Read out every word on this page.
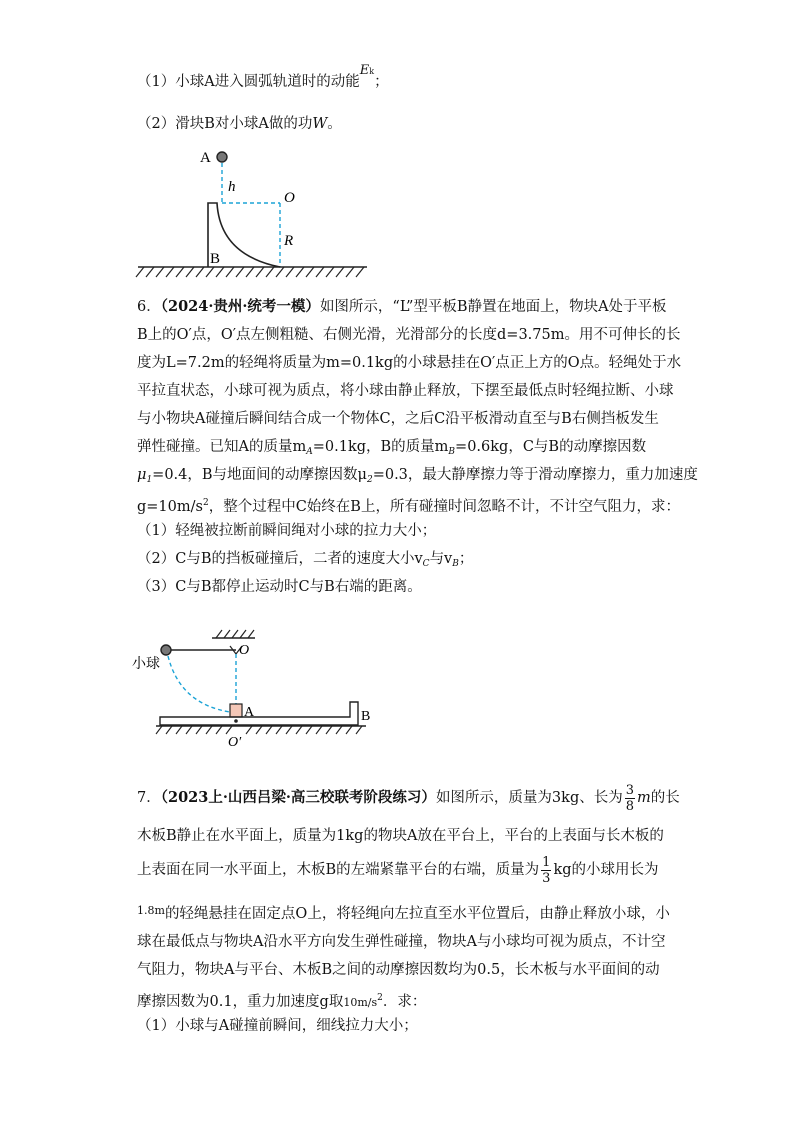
（1）小球A进入圆弧轨道时的动能Ek；
（2）滑块B对小球A做的功W。
A
h
O
R
B
6．（2024·贵州·统考一模）如图所示，“L”型平板B静置在地面上，物块A处于平板
B上的O′点，O′点左侧粗糙、右侧光滑，光滑部分的长度d=3.75m。用不可伸长的长
度为L=7.2m的轻绳将质量为m=0.1kg的小球悬挂在O′点正上方的O点。轻绳处于水
平拉直状态，小球可视为质点，将小球由静止释放，下摆至最低点时轻绳拉断、小球
与小物块A碰撞后瞬间结合成一个物体C，之后C沿平板滑动直至与B右侧挡板发生
弹性碰撞。已知A的质量$m_A=0.1kg$，B的质量$m_B=0.6kg$，C与B的动摩擦因数
$\mu_1=0.4$，B与地面间的动摩擦因数$\mu_2=0.3$，最大静摩擦力等于滑动摩擦力，重力加速度
$g=10m/s^2$，整个过程中C始终在B上，所有碰撞时间忽略不计，不计空气阻力，求：
（1）轻绳被拉断前瞬间绳对小球的拉力大小；
（2）C与B的挡板碰撞后，二者的速度大小$v_C$与$v_B$；
（3）C与B都停止运动时C与B右端的距离。
O
小球
A	B
O′
7．（2023上·山西吕梁·高三校联考阶段练习）如图所示，质量为3kg、长为 $\frac{3}{8}$ m的长
木板B静止在水平面上，质量为1kg的物块A放在平台上，平台的上表面与长木板的
上表面在同一水平面上，木板B的左端紧靠平台的右端，质量为 $\frac{1}{3}$ kg的小球用长为
$^{1.8m}$的轻绳悬挂在固定点O上，将轻绳向左拉直至水平位置后，由静止释放小球，小
球在最低点与物块A沿水平方向发生弹性碰撞，物块A与小球均可视为质点，不计空
气阻力，物块A与平台、木板B之间的动摩擦因数均为0.5，长木板与水平面间的动
摩擦因数为0.1，重力加速度g取$10m/s^2$．求：
（1）小球与A碰撞前瞬间，细线拉力大小；
